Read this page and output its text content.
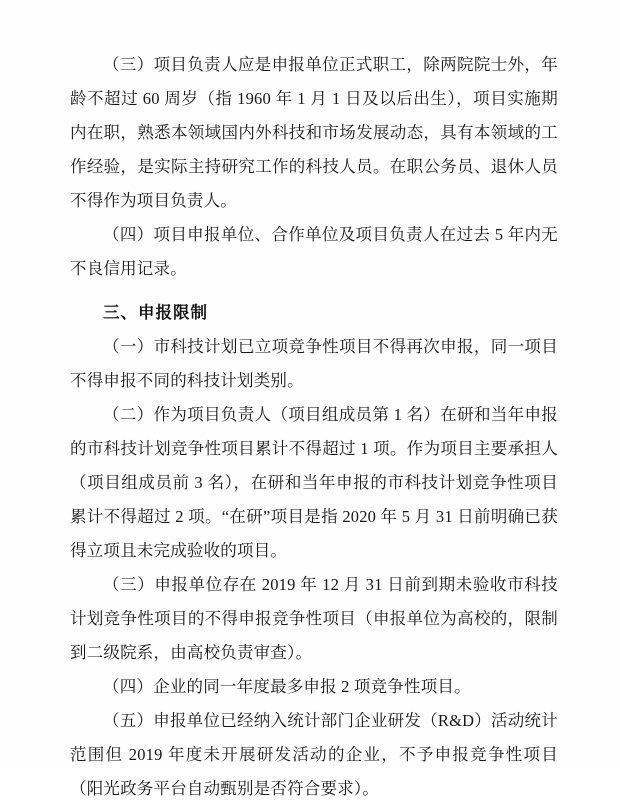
（三）项目负责人应是申报单位正式职工，除两院院士外，年龄不超过 60 周岁（指 1960 年 1 月 1 日及以后出生），项目实施期内在职，熟悉本领域国内外科技和市场发展动态，具有本领域的工作经验，是实际主持研究工作的科技人员。在职公务员、退休人员不得作为项目负责人。

（四）项目申报单位、合作单位及项目负责人在过去 5 年内无不良信用记录。

三、申报限制

（一）市科技计划已立项竞争性项目不得再次申报，同一项目不得申报不同的科技计划类别。

（二）作为项目负责人（项目组成员第 1 名）在研和当年申报的市科技计划竞争性项目累计不得超过 1 项。作为项目主要承担人（项目组成员前 3 名），在研和当年申报的市科技计划竞争性项目累计不得超过 2 项。“在研”项目是指 2020 年 5 月 31 日前明确已获得立项且未完成验收的项目。

（三）申报单位存在 2019 年 12 月 31 日前到期未验收市科技计划竞争性项目的不得申报竞争性项目（申报单位为高校的，限制到二级院系，由高校负责审查）。

（四）企业的同一年度最多申报 2 项竞争性项目。

（五）申报单位已经纳入统计部门企业研发（R&D）活动统计范围但 2019 年度未开展研发活动的企业，不予申报竞争性项目（阳光政务平台自动甄别是否符合要求）。
